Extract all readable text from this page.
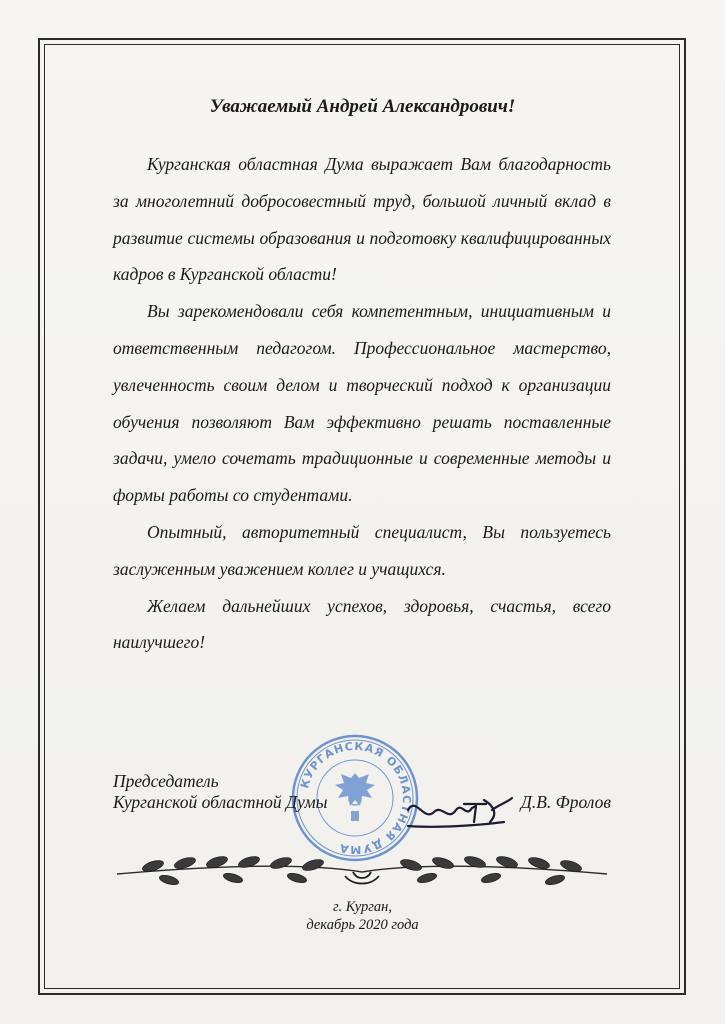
Уважаемый Андрей Александрович!

Курганская областная Дума выражает Вам благодарность за многолетний добросовестный труд, большой личный вклад в развитие системы образования и подготовку квалифицированных кадров в Курганской области!

Вы зарекомендовали себя компетентным, инициативным и ответственным педагогом. Профессиональное мастерство, увлеченность своим делом и творческий подход к организации обучения позволяют Вам эффективно решать поставленные задачи, умело сочетать традиционные и современные методы и формы работы со студентами.

Опытный, авторитетный специалист, Вы пользуетесь заслуженным уважением коллег и учащихся.

Желаем дальнейших успехов, здоровья, счастья, всего наилучшего!

КУРГАНСКАЯ ОБЛАСТНАЯ ДУМА
Председатель
Курганской областной Думы	Д.В. Фролов
г. Курган,
декабрь 2020 года
